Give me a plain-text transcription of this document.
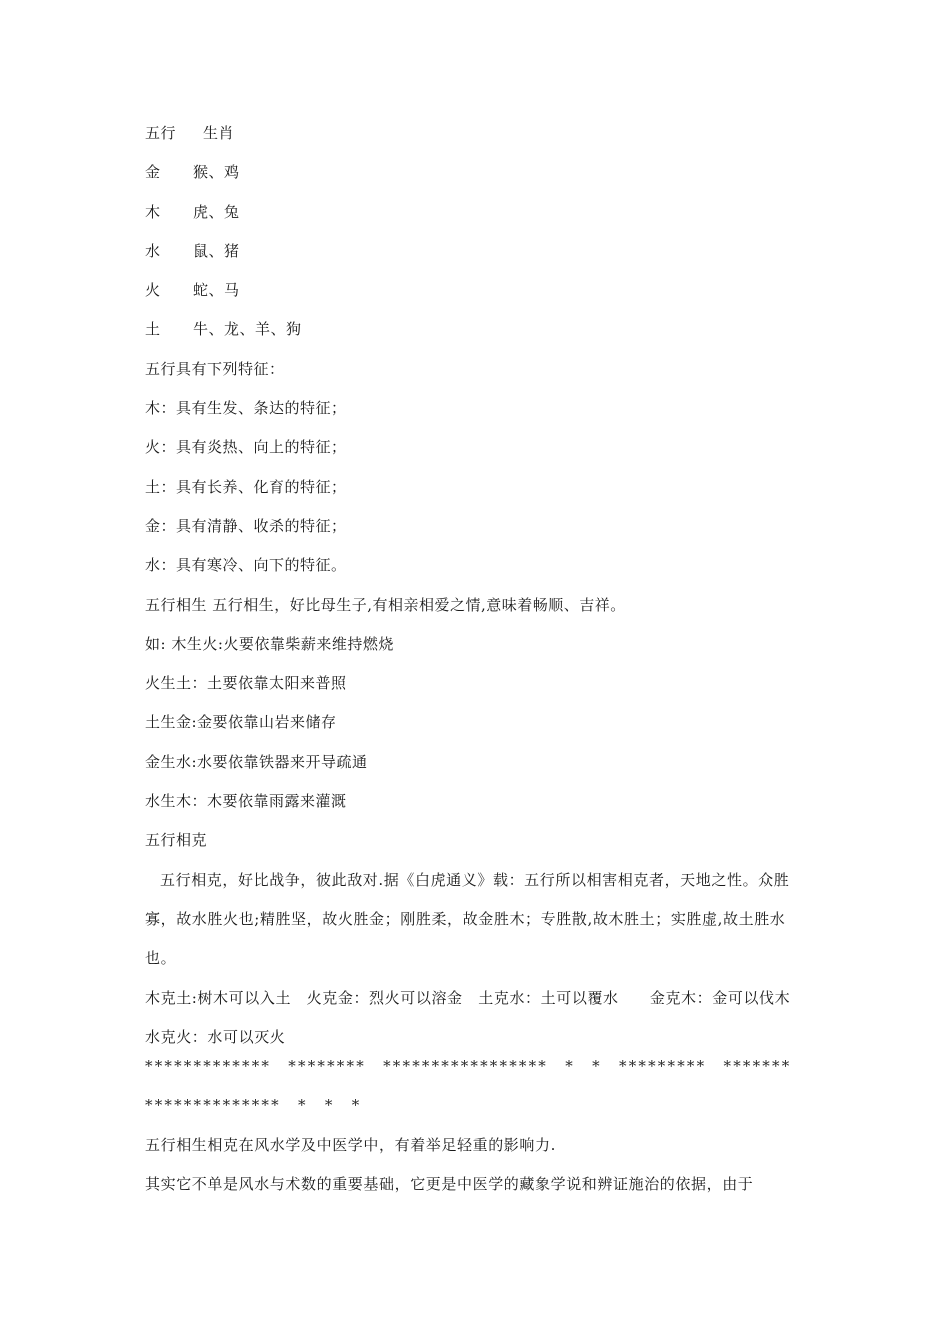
五行	生肖
金	猴、鸡
木	虎、兔
水	鼠、猪
火	蛇、马
土	牛、龙、羊、狗
五行具有下列特征：
木：具有生发、条达的特征；
火：具有炎热、向上的特征；
土：具有长养、化育的特征；
金：具有清静、收杀的特征；
水：具有寒冷、向下的特征。
五行相生 五行相生，好比母生子,有相亲相爱之情,意味着畅顺、吉祥。
如: 木生火:火要依靠柴薪来维持燃烧
火生土：土要依靠太阳来普照
土生金:金要依靠山岩来储存
金生水:水要依靠铁器来开导疏通
水生木：木要依靠雨露来灌溉
五行相克

五行相克，好比战争，彼此敌对.据《白虎通义》载：五行所以相害相克者，天地之性。众胜寡，故水胜火也;精胜坚，故火胜金；刚胜柔，故金胜木；专胜散,故木胜土；实胜虚,故土胜水也。

木克土:树木可以入土　火克金：烈火可以溶金　土克水：土可以覆水　　金克木：金可以伐木　水克火：水可以灭火

*************　********　*****************　*　*　*********　*******　**************　*　*　*

五行相生相克在风水学及中医学中，有着举足轻重的影响力.

其实它不单是风水与术数的重要基础，它更是中医学的藏象学说和辨证施治的依据，由于
